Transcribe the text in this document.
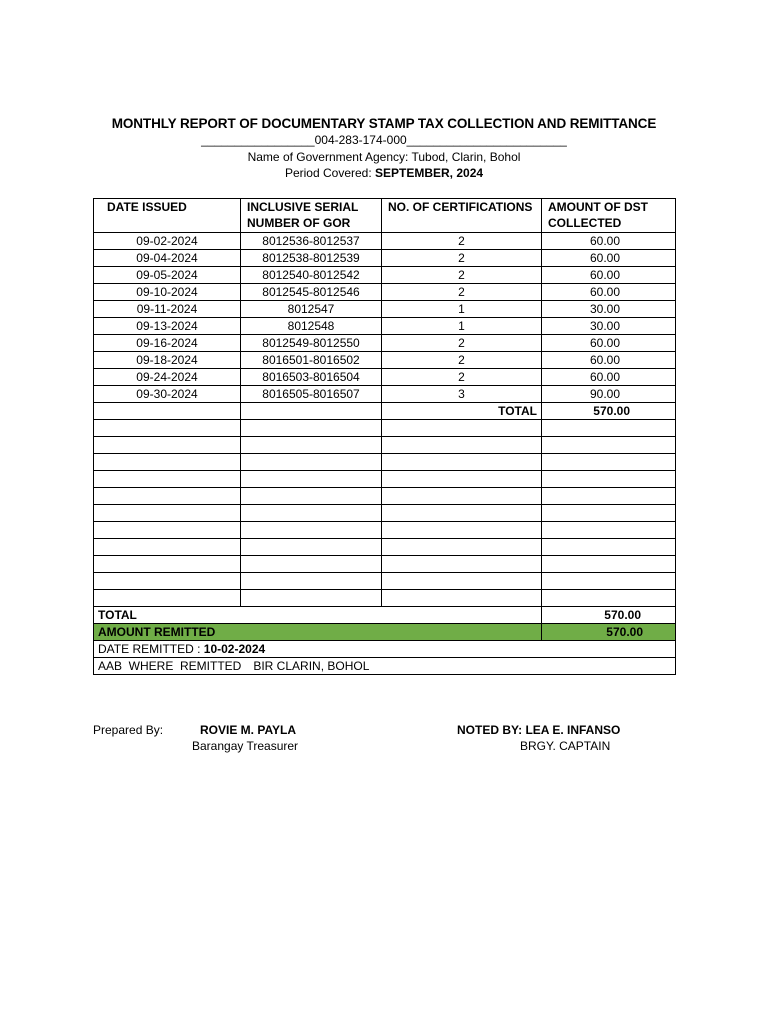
MONTHLY REPORT OF DOCUMENTARY STAMP TAX COLLECTION AND REMITTANCE
_________________004-283-174-000________________________
Name of Government Agency: Tubod, Clarin, Bohol
Period Covered: SEPTEMBER, 2024
DATE ISSUED	INCLUSIVE SERIAL NUMBER OF GOR	NO. OF CERTIFICATIONS	AMOUNT OF DST COLLECTED
09-02-2024	8012536-8012537	2	60.00
09-04-2024	8012538-8012539	2	60.00
09-05-2024	8012540-8012542	2	60.00
09-10-2024	8012545-8012546	2	60.00
09-11-2024	8012547	1	30.00
09-13-2024	8012548	1	30.00
09-16-2024	8012549-8012550	2	60.00
09-18-2024	8016501-8016502	2	60.00
09-24-2024	8016503-8016504	2	60.00
09-30-2024	8016505-8016507	3	90.00
		TOTAL	570.00

TOTAL			570.00
AMOUNT REMITTED			570.00
DATE REMITTED : 10-02-2024			
AAB  WHERE  REMITTED BIR CLARIN, BOHOL			
Prepared By:	ROVIE M. PAYLA
Barangay Treasurer
NOTED BY: LEA E. INFANSO
BRGY. CAPTAIN
